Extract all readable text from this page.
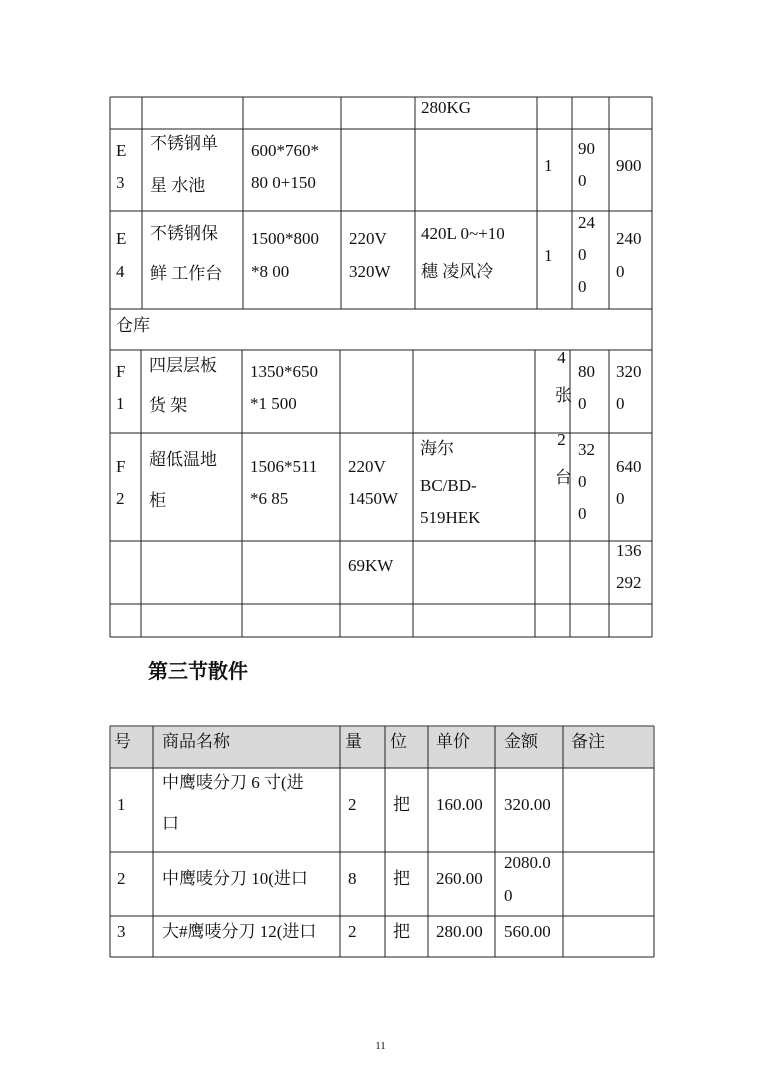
280KG
E
3
不锈钢单
星 水池
600*760*
80 0+150
1
90
0
900
E
4
不锈钢保
鲜 工作台
1500*800
*8 00
220V
320W
420L 0~+10
穗 凌风冷
1
24
0
0
240
0
仓库
F
1
四层层板
货 架
1350*650
*1 500
4 张 80
0
320
0
F
2
超低温地
柜
1506*511
*6 85
220V
1450W
海尔
BC/BD-
519HEK
2 台 32
0
0
640
0
69KW
136
292
第三节散件
号 商品名称	量 位 单价 金额 备注
1
中鹰唛分刀 6 寸(进
口
2 把 160.00 320.00
2 中鹰唛分刀 10(进口 8 把 260.00
2080.0
0
3 大#鹰唛分刀 12(进口 2 把 280.00 560.00
11
